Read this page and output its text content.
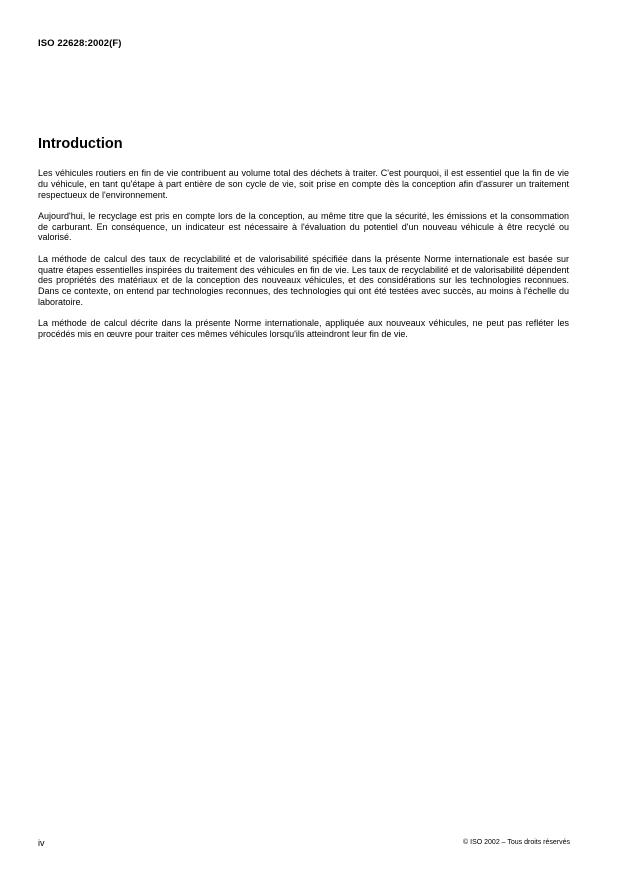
ISO 22628:2002(F)
Introduction

Les véhicules routiers en fin de vie contribuent au volume total des déchets à traiter. C'est pourquoi, il est essentiel que la fin de vie du véhicule, en tant qu'étape à part entière de son cycle de vie, soit prise en compte dès la conception afin d'assurer un traitement respectueux de l'environnement.

Aujourd'hui, le recyclage est pris en compte lors de la conception, au même titre que la sécurité, les émissions et la consommation de carburant. En conséquence, un indicateur est nécessaire à l'évaluation du potentiel d'un nouveau véhicule à être recyclé ou valorisé.

La méthode de calcul des taux de recyclabilité et de valorisabilité spécifiée dans la présente Norme internationale est basée sur quatre étapes essentielles inspirées du traitement des véhicules en fin de vie. Les taux de recyclabilité et de valorisabilité dépendent des propriétés des matériaux et de la conception des nouveaux véhicules, et des considérations sur les technologies reconnues. Dans ce contexte, on entend par technologies reconnues, des technologies qui ont été testées avec succès, au moins à l'échelle du laboratoire.

La méthode de calcul décrite dans la présente Norme internationale, appliquée aux nouveaux véhicules, ne peut pas refléter les procédés mis en œuvre pour traiter ces mêmes véhicules lorsqu'ils atteindront leur fin de vie.

iv	© ISO 2002 – Tous droits réservés
